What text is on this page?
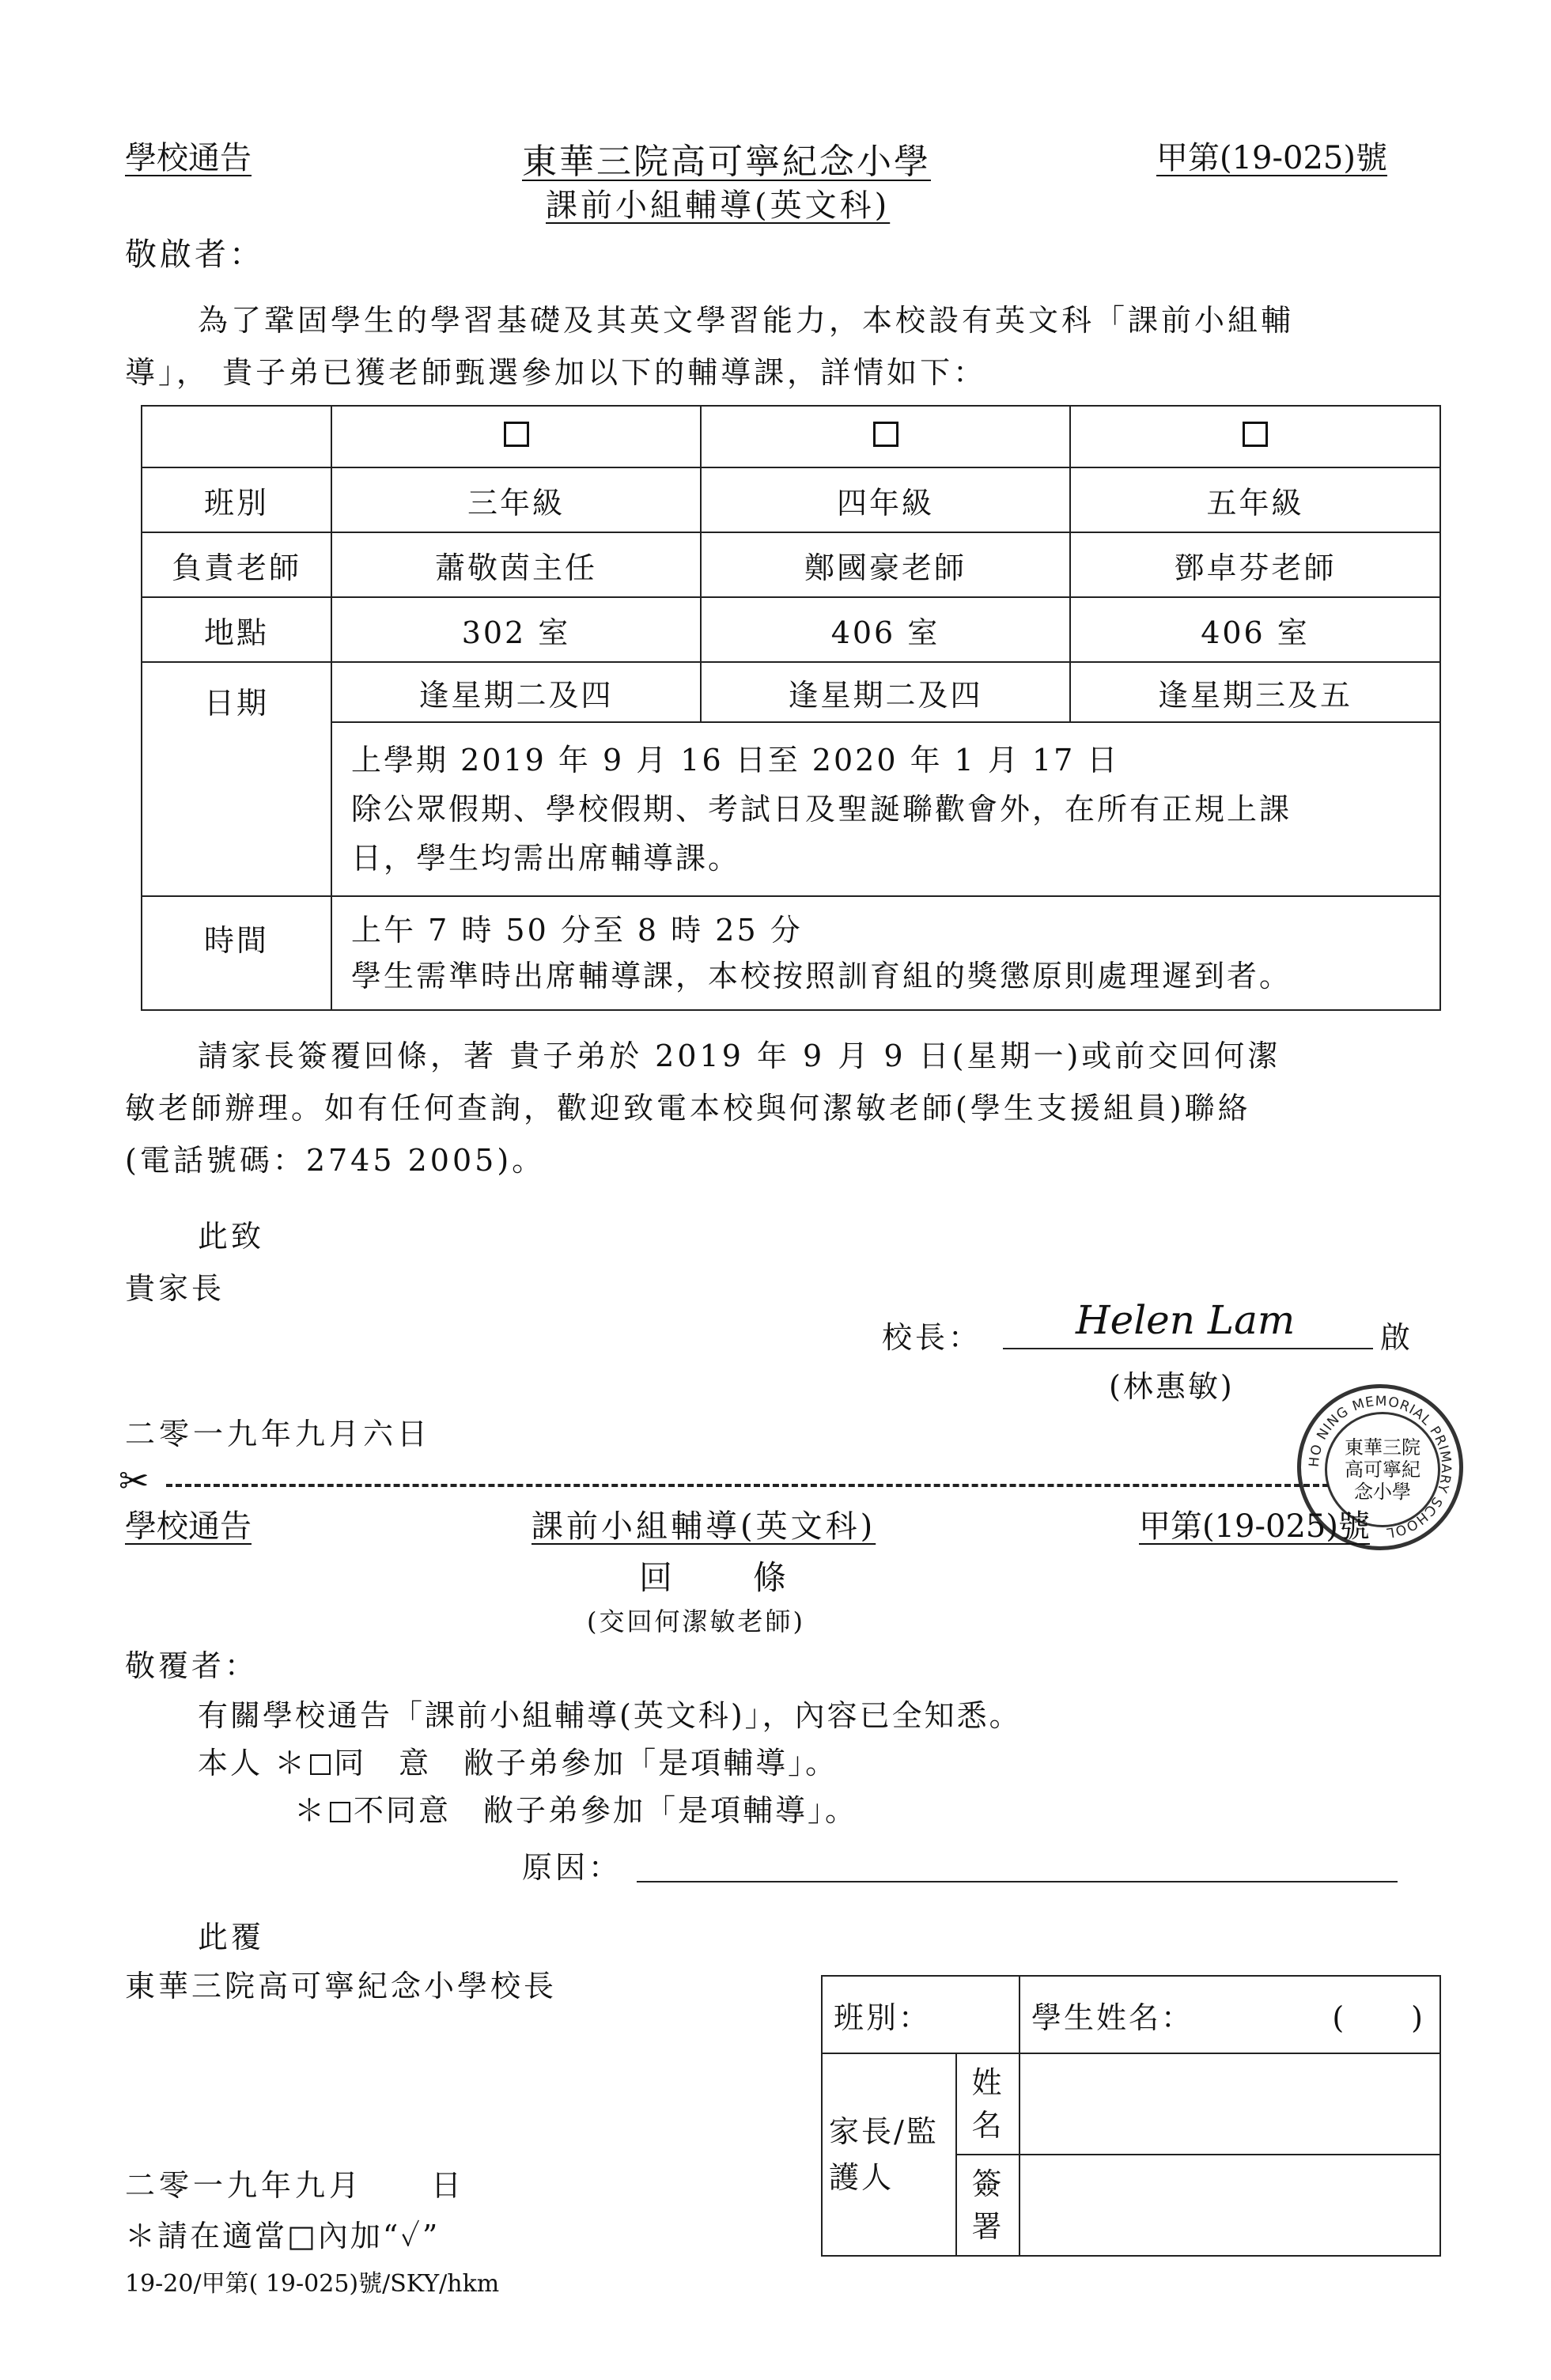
學校通告	東華三院高可寧紀念小學	甲第(19-025)號
課前小組輔導(英文科)
敬啟者：
為了鞏固學生的學習基礎及其英文學習能力，本校設有英文科「課前小組輔
導」， 貴子弟已獲老師甄選參加以下的輔導課，詳情如下：

班別	三年級	四年級	五年級
負責老師	蕭敬茵主任	鄭國豪老師	鄧卓芬老師
地點	302 室	406 室	406 室
日期	逢星期二及四	逢星期二及四	逢星期三及五

	上學期 2019 年 9 月 16 日至 2020 年 1 月 17 日
除公眾假期、學校假期、考試日及聖誕聯歡會外，在所有正規上課
日，學生均需出席輔導課。		

時間	上午 7 時 50 分至 8 時 25 分
學生需準時出席輔導課，本校按照訓育組的獎懲原則處理遲到者。		
請家長簽覆回條，著 貴子弟於 2019 年 9 月 9 日(星期一)或前交回何潔
敏老師辦理。如有任何查詢，歡迎致電本校與何潔敏老師(學生支援組員)聯絡
(電話號碼：2745 2005)。
此致
貴家長
校長： Helen Lam	啟
(林惠敏)
二零一九年九月六日
HO NING MEMORIAL PRIMARY SCHOOL
東華三院高可寧紀念小學
✂
學校通告	課前小組輔導(英文科)	甲第(19-025)號
回　條
(交回何潔敏老師)
敬覆者：
有關學校通告「課前小組輔導(英文科)」，內容已全知悉。
本人 ＊ 同　意　敝子弟參加「是項輔導」。
＊ 不同意　敝子弟參加「是項輔導」。
原因：
此覆
東華三院高可寧紀念小學校長
班別：		學生姓名： (　　)

家長/監護人	姓名	
	簽署	
二零一九年九月　　日
＊請在適當□內加“✓”
19-20/甲第( 19-025)號/SKY/hkm
